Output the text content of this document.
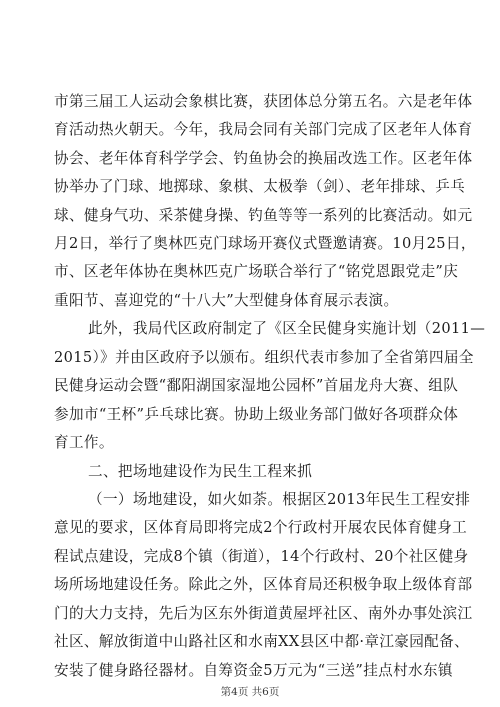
市第三届工人运动会象棋比赛，获团体总分第五名。六是老年体
育活动热火朝天。今年，我局会同有关部门完成了区老年人体育
协会、老年体育科学学会、钓鱼协会的换届改选工作。区老年体
协举办了门球、地掷球、象棋、太极拳（剑）、老年排球、乒乓
球、健身气功、采茶健身操、钓鱼等等一系列的比赛活动。如元
月2日，举行了奥林匹克门球场开赛仪式暨邀请赛。10月25日，
市、区老年体协在奥林匹克广场联合举行了“铭党恩跟党走”庆
重阳节、喜迎党的“十八大”大型健身体育展示表演。
此外，我局代区政府制定了《区全民健身实施计划（2011—
2015）》并由区政府予以颁布。组织代表市参加了全省第四届全
民健身运动会暨“鄱阳湖国家湿地公园杯”首届龙舟大赛、组队
参加市“王杯”乒乓球比赛。协助上级业务部门做好各项群众体
育工作。
二、把场地建设作为民生工程来抓
（一）场地建设，如火如荼。根据区2013年民生工程安排
意见的要求，区体育局即将完成2个行政村开展农民体育健身工
程试点建设，完成8个镇（街道），14个行政村、20个社区健身
场所场地建设任务。除此之外，区体育局还积极争取上级体育部
门的大力支持，先后为区东外街道黄屋坪社区、南外办事处滨江
社区、解放街道中山路社区和水南XX县区中都·章江豪园配备、
安装了健身路径器材。自筹资金5万元为“三送”挂点村水东镇
第4页 共6页
